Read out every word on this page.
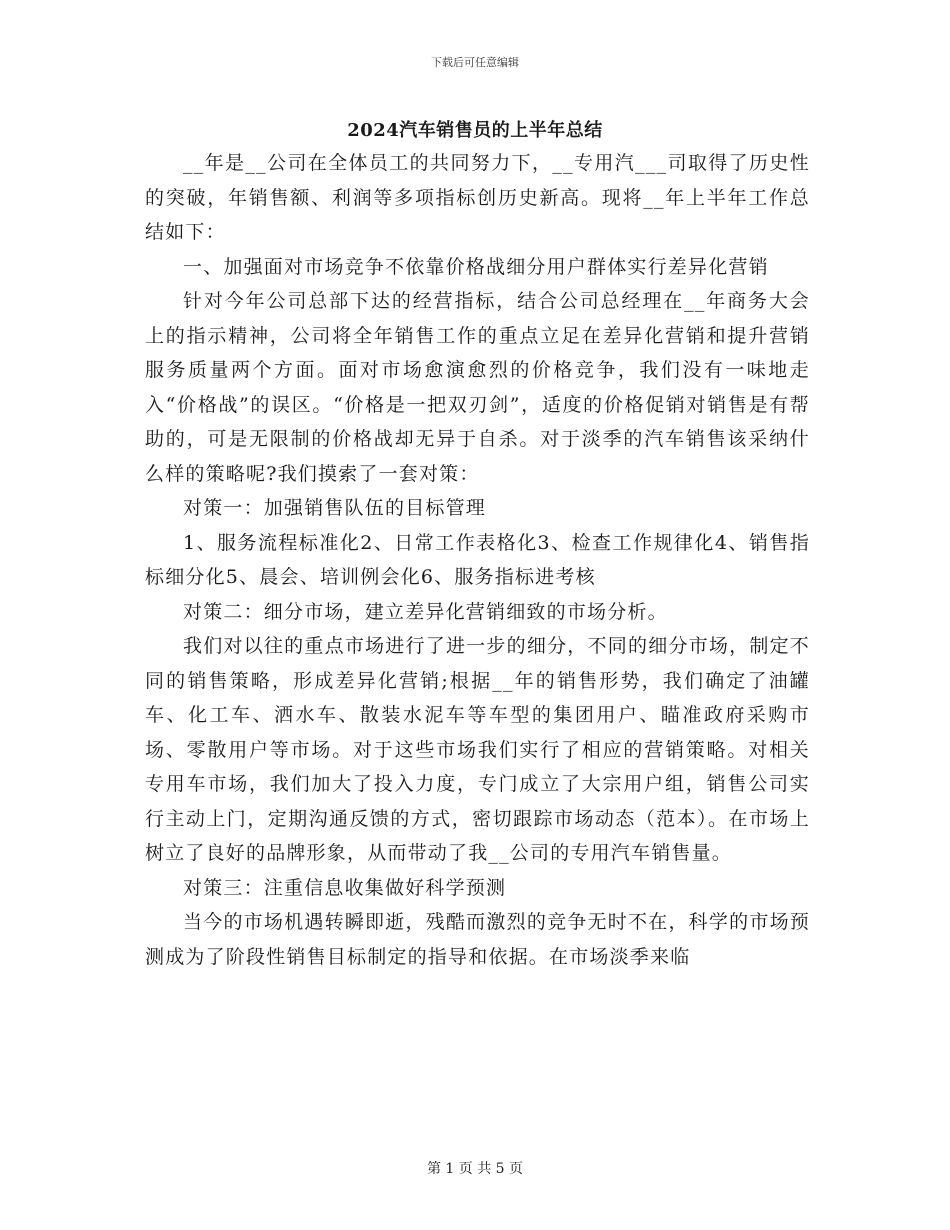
下载后可任意编辑
2024汽车销售员的上半年总结

__年是__公司在全体员工的共同努力下，__专用汽___司取得了历史性的突破，年销售额、利润等多项指标创历史新高。现将__年上半年工作总结如下：

一、加强面对市场竞争不依靠价格战细分用户群体实行差异化营销

针对今年公司总部下达的经营指标，结合公司总经理在__年商务大会上的指示精神，公司将全年销售工作的重点立足在差异化营销和提升营销服务质量两个方面。面对市场愈演愈烈的价格竞争，我们没有一味地走入“价格战”的误区。“价格是一把双刃剑”，适度的价格促销对销售是有帮助的，可是无限制的价格战却无异于自杀。对于淡季的汽车销售该采纳什么样的策略呢?我们摸索了一套对策：

对策一：加强销售队伍的目标管理

1、服务流程标准化2、日常工作表格化3、检查工作规律化4、销售指标细分化5、晨会、培训例会化6、服务指标进考核

对策二：细分市场，建立差异化营销细致的市场分析。

我们对以往的重点市场进行了进一步的细分，不同的细分市场，制定不同的销售策略，形成差异化营销;根据__年的销售形势，我们确定了油罐车、化工车、洒水车、散装水泥车等车型的集团用户、瞄准政府采购市场、零散用户等市场。对于这些市场我们实行了相应的营销策略。对相关专用车市场，我们加大了投入力度，专门成立了大宗用户组，销售公司实行主动上门，定期沟通反馈的方式，密切跟踪市场动态（范本）。在市场上树立了良好的品牌形象，从而带动了我__公司的专用汽车销售量。

对策三：注重信息收集做好科学预测

当今的市场机遇转瞬即逝，残酷而激烈的竞争无时不在，科学的市场预测成为了阶段性销售目标制定的指导和依据。在市场淡季来临

第 1 页 共 5 页
